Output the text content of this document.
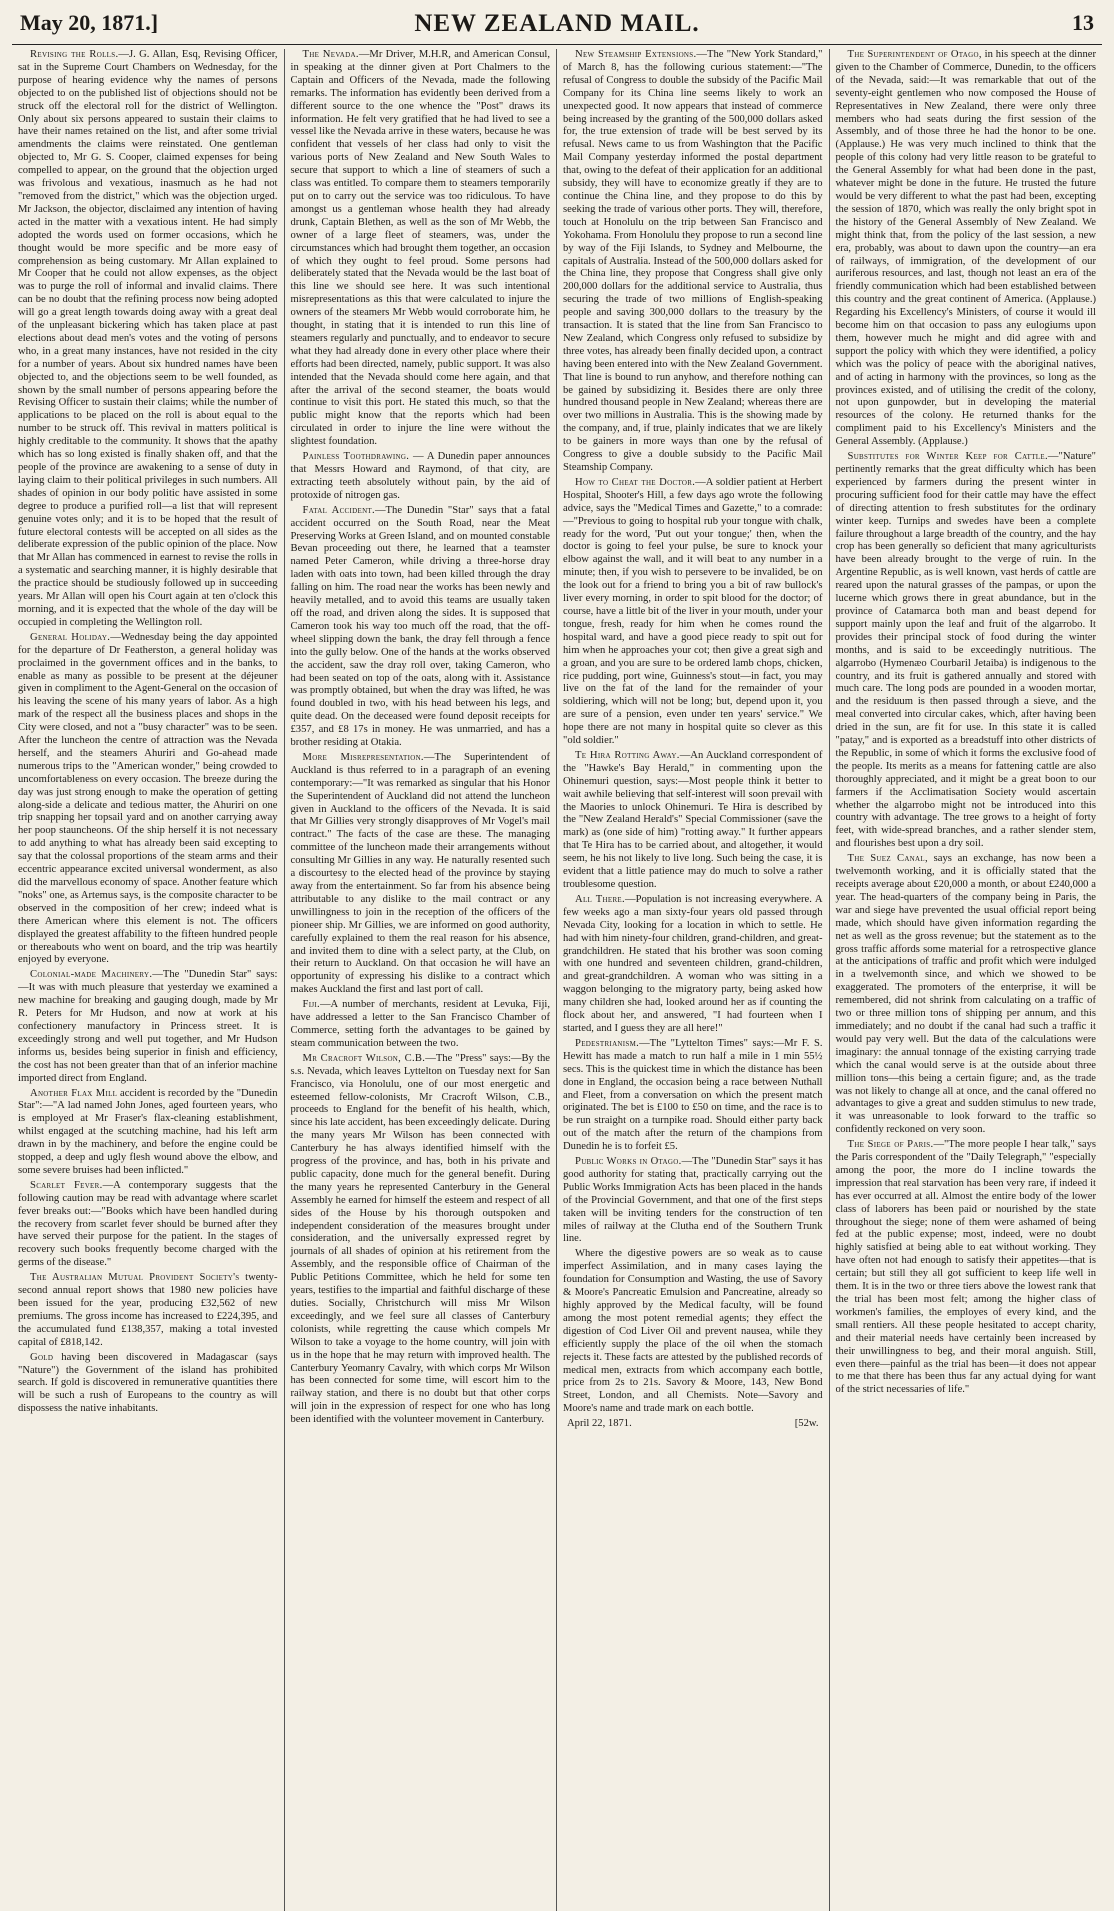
May 20, 1871.]	NEW ZEALAND MAIL.	13

Revising the Rolls.—J. G. Allan, Esq, Revising Officer, sat in the Supreme Court Chambers on Wednesday, for the purpose of hearing evidence why the names of persons objected to on the published list of objections should not be struck off the electoral roll for the district of Wellington. Only about six persons appeared to sustain their claims to have their names retained on the list, and after some trivial amendments the claims were reinstated. One gentleman objected to, Mr G. S. Cooper, claimed expenses for being compelled to appear, on the ground that the objection urged was frivolous and vexatious, inasmuch as he had not "removed from the district," which was the objection urged. Mr Jackson, the objector, disclaimed any intention of having acted in the matter with a vexatious intent. He had simply adopted the words used on former occasions, which he thought would be more specific and be more easy of comprehension as being customary. Mr Allan explained to Mr Cooper that he could not allow expenses, as the object was to purge the roll of informal and invalid claims. There can be no doubt that the refining process now being adopted will go a great length towards doing away with a great deal of the unpleasant bickering which has taken place at past elections about dead men's votes and the voting of persons who, in a great many instances, have not resided in the city for a number of years. About six hundred names have been objected to, and the objections seem to be well founded, as shown by the small number of persons appearing before the Revising Officer to sustain their claims; while the number of applications to be placed on the roll is about equal to the number to be struck off. This revival in matters political is highly creditable to the community. It shows that the apathy which has so long existed is finally shaken off, and that the people of the province are awakening to a sense of duty in laying claim to their political privileges in such numbers. All shades of opinion in our body politic have assisted in some degree to produce a purified roll—a list that will represent genuine votes only; and it is to be hoped that the result of future electoral contests will be accepted on all sides as the deliberate expression of the public opinion of the place. Now that Mr Allan has commenced in earnest to revise the rolls in a systematic and searching manner, it is highly desirable that the practice should be studiously followed up in succeeding years. Mr Allan will open his Court again at ten o'clock this morning, and it is expected that the whole of the day will be occupied in completing the Wellington roll.

General Holiday.—Wednesday being the day appointed for the departure of Dr Featherston, a general holiday was proclaimed in the government offices and in the banks, to enable as many as possible to be present at the déjeuner given in compliment to the Agent-General on the occasion of his leaving the scene of his many years of labor. As a high mark of the respect all the business places and shops in the City were closed, and not a "busy character" was to be seen. After the luncheon the centre of attraction was the Nevada herself, and the steamers Ahuriri and Go-ahead made numerous trips to the "American wonder," being crowded to uncomfortableness on every occasion. The breeze during the day was just strong enough to make the operation of getting along-side a delicate and tedious matter, the Ahuriri on one trip snapping her topsail yard and on another carrying away her poop stauncheons. Of the ship herself it is not necessary to add anything to what has already been said excepting to say that the colossal proportions of the steam arms and their eccentric appearance excited universal wonderment, as also did the marvellous economy of space. Another feature which "noks" one, as Artemus says, is the composite character to be observed in the composition of her crew; indeed what is there American where this element is not. The officers displayed the greatest affability to the fifteen hundred people or thereabouts who went on board, and the trip was heartily enjoyed by everyone.

Colonial-made Machinery.—The "Dunedin Star" says:—It was with much pleasure that yesterday we examined a new machine for breaking and gauging dough, made by Mr R. Peters for Mr Hudson, and now at work at his confectionery manufactory in Princess street. It is exceedingly strong and well put together, and Mr Hudson informs us, besides being superior in finish and efficiency, the cost has not been greater than that of an inferior machine imported direct from England.

Another Flax Mill accident is recorded by the "Dunedin Star":—"A lad named John Jones, aged fourteen years, who is employed at Mr Fraser's flax-cleaning establishment, whilst engaged at the scutching machine, had his left arm drawn in by the machinery, and before the engine could be stopped, a deep and ugly flesh wound above the elbow, and some severe bruises had been inflicted."

Scarlet Fever.—A contemporary suggests that the following caution may be read with advantage where scarlet fever breaks out:—"Books which have been handled during the recovery from scarlet fever should be burned after they have served their purpose for the patient. In the stages of recovery such books frequently become charged with the germs of the disease."

The Australian Mutual Provident Society's twenty-second annual report shows that 1980 new policies have been issued for the year, producing £32,562 of new premiums. The gross income has increased to £224,395, and the accumulated fund £138,357, making a total invested capital of £818,142.

Gold having been discovered in Madagascar (says "Nature") the Government of the island has prohibited search. If gold is discovered in remunerative quantities there will be such a rush of Europeans to the country as will dispossess the native inhabitants.

The Nevada.—Mr Driver, M.H.R, and American Consul, in speaking at the dinner given at Port Chalmers to the Captain and Officers of the Nevada, made the following remarks. The information has evidently been derived from a different source to the one whence the "Post" draws its information. He felt very gratified that he had lived to see a vessel like the Nevada arrive in these waters, because he was confident that vessels of her class had only to visit the various ports of New Zealand and New South Wales to secure that support to which a line of steamers of such a class was entitled. To compare them to steamers temporarily put on to carry out the service was too ridiculous. To have amongst us a gentleman whose health they had already drunk, Captain Blethen, as well as the son of Mr Webb, the owner of a large fleet of steamers, was, under the circumstances which had brought them together, an occasion of which they ought to feel proud. Some persons had deliberately stated that the Nevada would be the last boat of this line we should see here. It was such intentional misrepresentations as this that were calculated to injure the owners of the steamers Mr Webb would corroborate him, he thought, in stating that it is intended to run this line of steamers regularly and punctually, and to endeavor to secure what they had already done in every other place where their efforts had been directed, namely, public support. It was also intended that the Nevada should come here again, and that after the arrival of the second steamer, the boats would continue to visit this port. He stated this much, so that the public might know that the reports which had been circulated in order to injure the line were without the slightest foundation.

Painless Toothdrawing. — A Dunedin paper announces that Messrs Howard and Raymond, of that city, are extracting teeth absolutely without pain, by the aid of protoxide of nitrogen gas.

Fatal Accident.—The Dunedin "Star" says that a fatal accident occurred on the South Road, near the Meat Preserving Works at Green Island, and on mounted constable Bevan proceeding out there, he learned that a teamster named Peter Cameron, while driving a three-horse dray laden with oats into town, had been killed through the dray falling on him. The road near the works has been newly and heavily metalled, and to avoid this teams are usually taken off the road, and driven along the sides. It is supposed that Cameron took his way too much off the road, that the off-wheel slipping down the bank, the dray fell through a fence into the gully below. One of the hands at the works observed the accident, saw the dray roll over, taking Cameron, who had been seated on top of the oats, along with it. Assistance was promptly obtained, but when the dray was lifted, he was found doubled in two, with his head between his legs, and quite dead. On the deceased were found deposit receipts for £357, and £8 17s in money. He was unmarried, and has a brother residing at Otakia.

More Misrepresentation.—The Superintendent of Auckland is thus referred to in a paragraph of an evening contemporary:—"It was remarked as singular that his Honor the Superintendent of Auckland did not attend the luncheon given in Auckland to the officers of the Nevada. It is said that Mr Gillies very strongly disapproves of Mr Vogel's mail contract." The facts of the case are these. The managing committee of the luncheon made their arrangements without consulting Mr Gillies in any way. He naturally resented such a discourtesy to the elected head of the province by staying away from the entertainment. So far from his absence being attributable to any dislike to the mail contract or any unwillingness to join in the reception of the officers of the pioneer ship. Mr Gillies, we are informed on good authority, carefully explained to them the real reason for his absence, and invited them to dine with a select party, at the Club, on their return to Auckland. On that occasion he will have an opportunity of expressing his dislike to a contract which makes Auckland the first and last port of call.

Fiji.—A number of merchants, resident at Levuka, Fiji, have addressed a letter to the San Francisco Chamber of Commerce, setting forth the advantages to be gained by steam communication between the two.

Mr Cracroft Wilson, C.B.—The "Press" says:—By the s.s. Nevada, which leaves Lyttelton on Tuesday next for San Francisco, via Honolulu, one of our most energetic and esteemed fellow-colonists, Mr Cracroft Wilson, C.B., proceeds to England for the benefit of his health, which, since his late accident, has been exceedingly delicate. During the many years Mr Wilson has been connected with Canterbury he has always identified himself with the progress of the province, and has, both in his private and public capacity, done much for the general benefit. During the many years he represented Canterbury in the General Assembly he earned for himself the esteem and respect of all sides of the House by his thorough outspoken and independent consideration of the measures brought under consideration, and the universally expressed regret by journals of all shades of opinion at his retirement from the Assembly, and the responsible office of Chairman of the Public Petitions Committee, which he held for some ten years, testifies to the impartial and faithful discharge of these duties. Socially, Christchurch will miss Mr Wilson exceedingly, and we feel sure all classes of Canterbury colonists, while regretting the cause which compels Mr Wilson to take a voyage to the home country, will join with us in the hope that he may return with improved health. The Canterbury Yeomanry Cavalry, with which corps Mr Wilson has been connected for some time, will escort him to the railway station, and there is no doubt but that other corps will join in the expression of respect for one who has long been identified with the volunteer movement in Canterbury.

New Steamship Extensions.—The "New York Standard," of March 8, has the following curious statement:—"The refusal of Congress to double the subsidy of the Pacific Mail Company for its China line seems likely to work an unexpected good. It now appears that instead of commerce being increased by the granting of the 500,000 dollars asked for, the true extension of trade will be best served by its refusal. News came to us from Washington that the Pacific Mail Company yesterday informed the postal department that, owing to the defeat of their application for an additional subsidy, they will have to economize greatly if they are to continue the China line, and they propose to do this by seeking the trade of various other ports. They will, therefore, touch at Honolulu on the trip between San Francisco and Yokohama. From Honolulu they propose to run a second line by way of the Fiji Islands, to Sydney and Melbourne, the capitals of Australia. Instead of the 500,000 dollars asked for the China line, they propose that Congress shall give only 200,000 dollars for the additional service to Australia, thus securing the trade of two millions of English-speaking people and saving 300,000 dollars to the treasury by the transaction. It is stated that the line from San Francisco to New Zealand, which Congress only refused to subsidize by three votes, has already been finally decided upon, a contract having been entered into with the New Zealand Government. That line is bound to run anyhow, and therefore nothing can be gained by subsidizing it. Besides there are only three hundred thousand people in New Zealand; whereas there are over two millions in Australia. This is the showing made by the company, and, if true, plainly indicates that we are likely to be gainers in more ways than one by the refusal of Congress to give a double subsidy to the Pacific Mail Steamship Company.

How to Cheat the Doctor.—A soldier patient at Herbert Hospital, Shooter's Hill, a few days ago wrote the following advice, says the "Medical Times and Gazette," to a comrade:—"Previous to going to hospital rub your tongue with chalk, ready for the word, 'Put out your tongue;' then, when the doctor is going to feel your pulse, be sure to knock your elbow against the wall, and it will beat to any number in a minute; then, if you wish to persevere to be invalided, be on the look out for a friend to bring you a bit of raw bullock's liver every morning, in order to spit blood for the doctor; of course, have a little bit of the liver in your mouth, under your tongue, fresh, ready for him when he comes round the hospital ward, and have a good piece ready to spit out for him when he approaches your cot; then give a great sigh and a groan, and you are sure to be ordered lamb chops, chicken, rice pudding, port wine, Guinness's stout—in fact, you may live on the fat of the land for the remainder of your soldiering, which will not be long; but, depend upon it, you are sure of a pension, even under ten years' service." We hope there are not many in hospital quite so clever as this "old soldier."

Te Hira Rotting Away.—An Auckland correspondent of the "Hawke's Bay Herald," in commenting upon the Ohinemuri question, says:—Most people think it better to wait awhile believing that self-interest will soon prevail with the Maories to unlock Ohinemuri. Te Hira is described by the "New Zealand Herald's" Special Commissioner (save the mark) as (one side of him) "rotting away." It further appears that Te Hira has to be carried about, and altogether, it would seem, he his not likely to live long. Such being the case, it is evident that a little patience may do much to solve a rather troublesome question.

All There.—Population is not increasing everywhere. A few weeks ago a man sixty-four years old passed through Nevada City, looking for a location in which to settle. He had with him ninety-four children, grand-children, and great-grandchildren. He stated that his brother was soon coming with one hundred and seventeen children, grand-children, and great-grandchildren. A woman who was sitting in a waggon belonging to the migratory party, being asked how many children she had, looked around her as if counting the flock about her, and answered, "I had fourteen when I started, and I guess they are all here!"

Pedestrianism.—The "Lyttelton Times" says:—Mr F. S. Hewitt has made a match to run half a mile in 1 min 55½ secs. This is the quickest time in which the distance has been done in England, the occasion being a race between Nuthall and Fleet, from a conversation on which the present match originated. The bet is £100 to £50 on time, and the race is to be run straight on a turnpike road. Should either party back out of the match after the return of the champions from Dunedin he is to forfeit £5.

Public Works in Otago.—The "Dunedin Star" says it has good authority for stating that, practically carrying out the Public Works Immigration Acts has been placed in the hands of the Provincial Government, and that one of the first steps taken will be inviting tenders for the construction of ten miles of railway at the Clutha end of the Southern Trunk line.

Where the digestive powers are so weak as to cause imperfect Assimilation, and in many cases laying the foundation for Consumption and Wasting, the use of Savory & Moore's Pancreatic Emulsion and Pancreatine, already so highly approved by the Medical faculty, will be found among the most potent remedial agents; they effect the digestion of Cod Liver Oil and prevent nausea, while they efficiently supply the place of the oil when the stomach rejects it. These facts are attested by the published records of medical men, extracts from which accompany each bottle, price from 2s to 21s. Savory & Moore, 143, New Bond Street, London, and all Chemists. Note—Savory and Moore's name and trade mark on each bottle.

April 22, 1871.	[52w.

The Superintendent of Otago, in his speech at the dinner given to the Chamber of Commerce, Dunedin, to the officers of the Nevada, said:—It was remarkable that out of the seventy-eight gentlemen who now composed the House of Representatives in New Zealand, there were only three members who had seats during the first session of the Assembly, and of those three he had the honor to be one. (Applause.) He was very much inclined to think that the people of this colony had very little reason to be grateful to the General Assembly for what had been done in the past, whatever might be done in the future. He trusted the future would be very different to what the past had been, excepting the session of 1870, which was really the only bright spot in the history of the General Assembly of New Zealand. We might think that, from the policy of the last session, a new era, probably, was about to dawn upon the country—an era of railways, of immigration, of the development of our auriferous resources, and last, though not least an era of the friendly communication which had been established between this country and the great continent of America. (Applause.) Regarding his Excellency's Ministers, of course it would ill become him on that occasion to pass any eulogiums upon them, however much he might and did agree with and support the policy with which they were identified, a policy which was the policy of peace with the aboriginal natives, and of acting in harmony with the provinces, so long as the provinces existed, and of utilising the credit of the colony, not upon gunpowder, but in developing the material resources of the colony. He returned thanks for the compliment paid to his Excellency's Ministers and the General Assembly. (Applause.)

Substitutes for Winter Keep for Cattle.—"Nature" pertinently remarks that the great difficulty which has been experienced by farmers during the present winter in procuring sufficient food for their cattle may have the effect of directing attention to fresh substitutes for the ordinary winter keep. Turnips and swedes have been a complete failure throughout a large breadth of the country, and the hay crop has been generally so deficient that many agriculturists have been already brought to the verge of ruin. In the Argentine Republic, as is well known, vast herds of cattle are reared upon the natural grasses of the pampas, or upon the lucerne which grows there in great abundance, but in the province of Catamarca both man and beast depend for support mainly upon the leaf and fruit of the algarrobo. It provides their principal stock of food during the winter months, and is said to be exceedingly nutritious. The algarrobo (Hymenæo Courbaril Jetaiba) is indigenous to the country, and its fruit is gathered annually and stored with much care. The long pods are pounded in a wooden mortar, and the residuum is then passed through a sieve, and the meal converted into circular cakes, which, after having been dried in the sun, are fit for use. In this state it is called "patay," and is exported as a breadstuff into other districts of the Republic, in some of which it forms the exclusive food of the people. Its merits as a means for fattening cattle are also thoroughly appreciated, and it might be a great boon to our farmers if the Acclimatisation Society would ascertain whether the algarrobo might not be introduced into this country with advantage. The tree grows to a height of forty feet, with wide-spread branches, and a rather slender stem, and flourishes best upon a dry soil.

The Suez Canal, says an exchange, has now been a twelvemonth working, and it is officially stated that the receipts average about £20,000 a month, or about £240,000 a year. The head-quarters of the company being in Paris, the war and siege have prevented the usual official report being made, which should have given information regarding the net as well as the gross revenue; but the statement as to the gross traffic affords some material for a retrospective glance at the anticipations of traffic and profit which were indulged in a twelvemonth since, and which we showed to be exaggerated. The promoters of the enterprise, it will be remembered, did not shrink from calculating on a traffic of two or three million tons of shipping per annum, and this immediately; and no doubt if the canal had such a traffic it would pay very well. But the data of the calculations were imaginary: the annual tonnage of the existing carrying trade which the canal would serve is at the outside about three million tons—this being a certain figure; and, as the trade was not likely to change all at once, and the canal offered no advantages to give a great and sudden stimulus to new trade, it was unreasonable to look forward to the traffic so confidently reckoned on very soon.

The Siege of Paris.—"The more people I hear talk," says the Paris correspondent of the "Daily Telegraph," "especially among the poor, the more do I incline towards the impression that real starvation has been very rare, if indeed it has ever occurred at all. Almost the entire body of the lower class of laborers has been paid or nourished by the state throughout the siege; none of them were ashamed of being fed at the public expense; most, indeed, were no doubt highly satisfied at being able to eat without working. They have often not had enough to satisfy their appetites—that is certain; but still they all got sufficient to keep life well in them. It is in the two or three tiers above the lowest rank that the trial has been most felt; among the higher class of workmen's families, the employes of every kind, and the small rentiers. All these people hesitated to accept charity, and their material needs have certainly been increased by their unwillingness to beg, and their moral anguish. Still, even there—painful as the trial has been—it does not appear to me that there has been thus far any actual dying for want of the strict necessaries of life."
